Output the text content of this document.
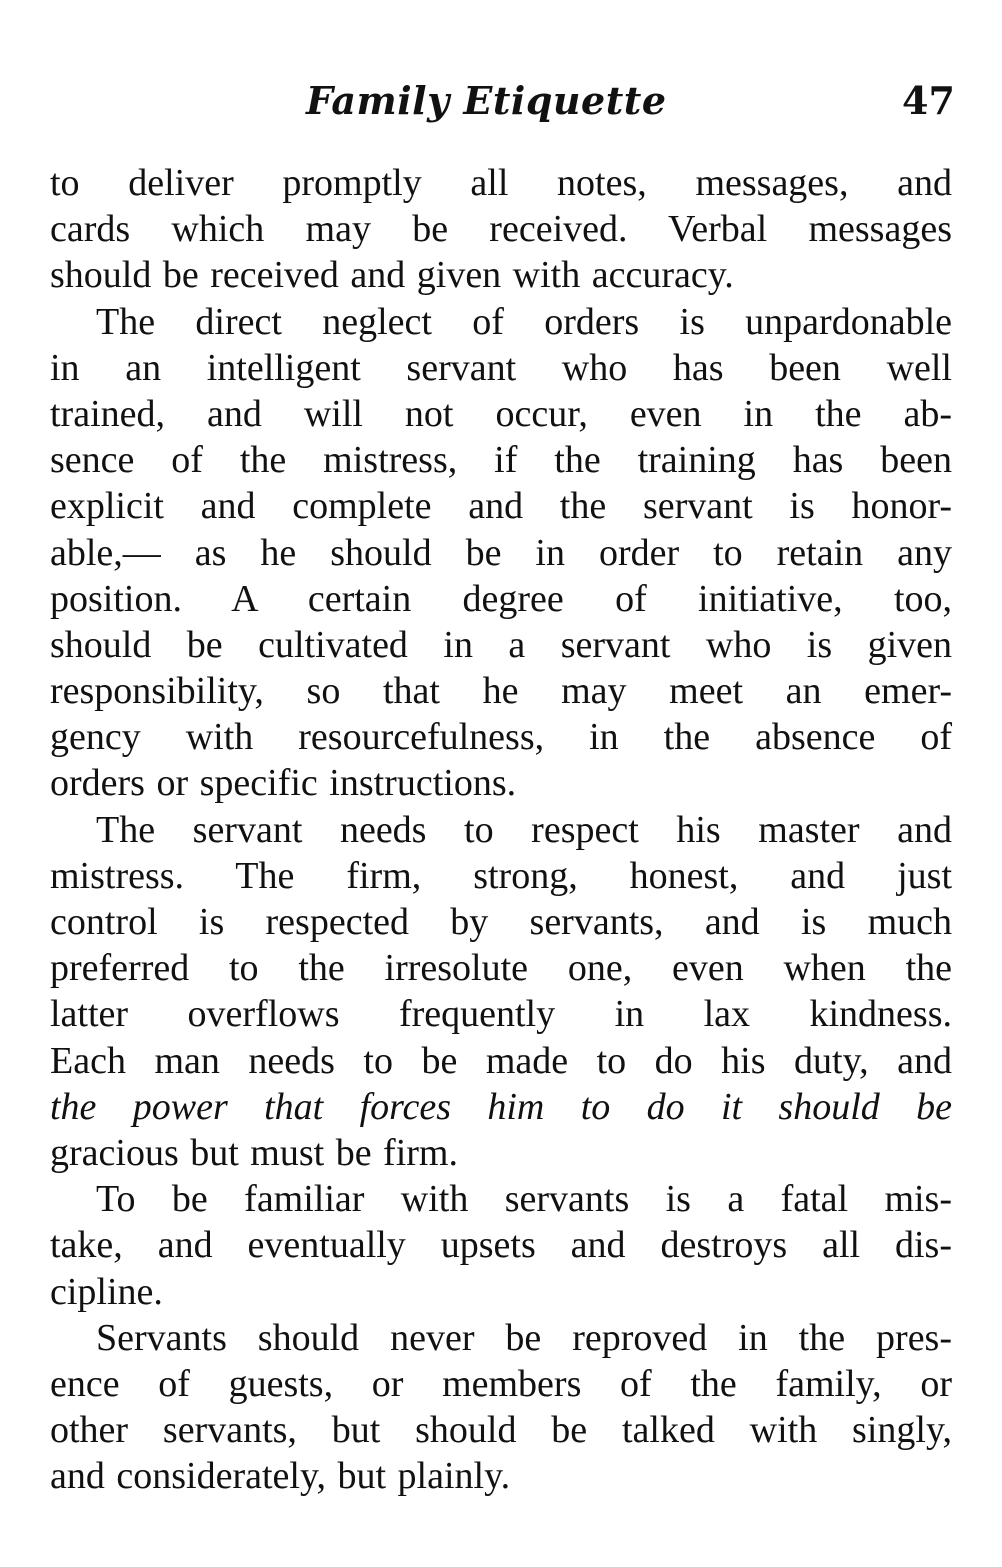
Family Etiquette	47
to deliver promptly all notes, messages, and
cards which may be received. Verbal messages
should be received and given with accuracy.
The direct neglect of orders is unpardonable
in an intelligent servant who has been well
trained, and will not occur, even in the ab-
sence of the mistress, if the training has been
explicit and complete and the servant is honor-
able,— as he should be in order to retain any
position. A certain degree of initiative, too,
should be cultivated in a servant who is given
responsibility, so that he may meet an emer-
gency with resourcefulness, in the absence of
orders or specific instructions.
The servant needs to respect his master and
mistress. The firm, strong, honest, and just
control is respected by servants, and is much
preferred to the irresolute one, even when the
latter overflows frequently in lax kindness.
Each man needs to be made to do his duty, and
the power that forces him to do it should be
gracious but must be firm.
To be familiar with servants is a fatal mis-
take, and eventually upsets and destroys all dis-
cipline.
Servants should never be reproved in the pres-
ence of guests, or members of the family, or
other servants, but should be talked with singly,
and considerately, but plainly.
